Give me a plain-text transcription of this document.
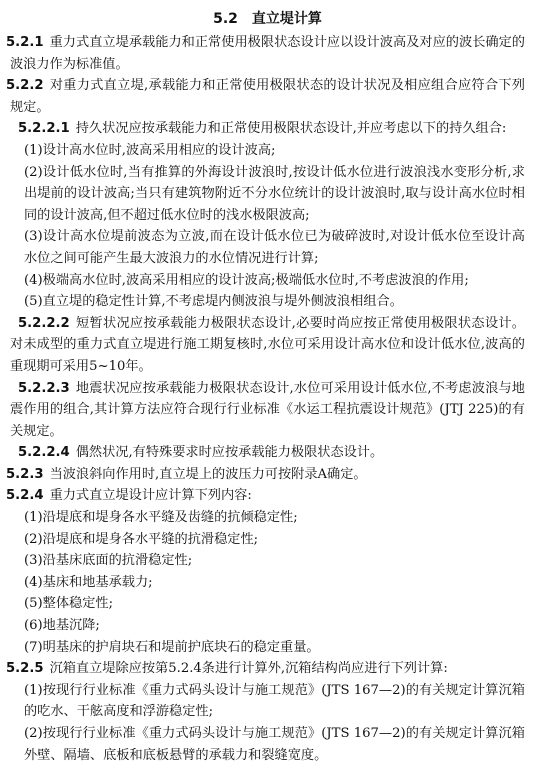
5.2 直立堤计算

5.2.1 重力式直立堤承载能力和正常使用极限状态设计应以设计波高及对应的波长确定的波浪力作为标准值。

5.2.2 对重力式直立堤,承载能力和正常使用极限状态的设计状况及相应组合应符合下列规定。

5.2.2.1 持久状况应按承载能力和正常使用极限状态设计,并应考虑以下的持久组合:

(1)设计高水位时,波高采用相应的设计波高;

(2)设计低水位时,当有推算的外海设计波浪时,按设计低水位进行波浪浅水变形分析,求出堤前的设计波高;当只有建筑物附近不分水位统计的设计波浪时,取与设计高水位时相同的设计波高,但不超过低水位时的浅水极限波高;

(3)设计高水位堤前波态为立波,而在设计低水位已为破碎波时,对设计低水位至设计高水位之间可能产生最大波浪力的水位情况进行计算;

(4)极端高水位时,波高采用相应的设计波高;极端低水位时,不考虑波浪的作用;

(5)直立堤的稳定性计算,不考虑堤内侧波浪与堤外侧波浪相组合。

5.2.2.2 短暂状况应按承载能力极限状态设计,必要时尚应按正常使用极限状态设计。对未成型的重力式直立堤进行施工期复核时,水位可采用设计高水位和设计低水位,波高的重现期可采用5~10年。

5.2.2.3 地震状况应按承载能力极限状态设计,水位可采用设计低水位,不考虑波浪与地震作用的组合,其计算方法应符合现行行业标准《水运工程抗震设计规范》(JTJ 225)的有关规定。

5.2.2.4 偶然状况,有特殊要求时应按承载能力极限状态设计。

5.2.3 当波浪斜向作用时,直立堤上的波压力可按附录A确定。

5.2.4 重力式直立堤设计应计算下列内容:

(1)沿堤底和堤身各水平缝及齿缝的抗倾稳定性;

(2)沿堤底和堤身各水平缝的抗滑稳定性;

(3)沿基床底面的抗滑稳定性;

(4)基床和地基承载力;

(5)整体稳定性;

(6)地基沉降;

(7)明基床的护肩块石和堤前护底块石的稳定重量。

5.2.5 沉箱直立堤除应按第5.2.4条进行计算外,沉箱结构尚应进行下列计算:

(1)按现行行业标准《重力式码头设计与施工规范》(JTS 167—2)的有关规定计算沉箱的吃水、干舷高度和浮游稳定性;

(2)按现行行业标准《重力式码头设计与施工规范》(JTS 167—2)的有关规定计算沉箱外壁、隔墙、底板和底板悬臂的承载力和裂缝宽度。
